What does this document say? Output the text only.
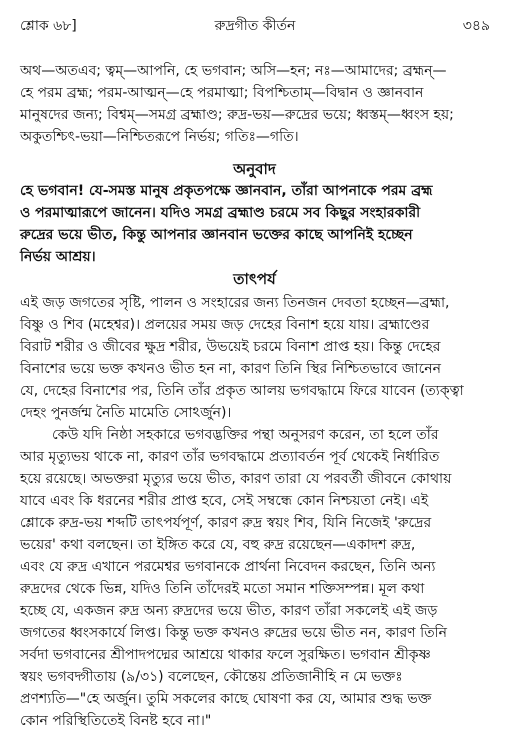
শ্লোক ৬৮]	রুদ্রগীত কীর্তন	৩৪৯

অথ—অতএব; ত্বম্—আপনি, হে ভগবান; অসি—হন; নঃ—আমাদের; ব্রহ্মন্—

হে পরম ব্রহ্ম; পরম-আত্মন্—হে পরমাত্মা; বিপশ্চিতাম্—বিদ্বান ও জ্ঞানবান

মানুষদের জন্য; বিশ্বম্—সমগ্র ব্রহ্মাণ্ড; রুদ্র-ভয়—রুদ্রের ভয়ে; ধ্বস্তম্—ধ্বংস হয়;

অকুতশ্চিৎ-ভয়া—নিশ্চিতরূপে নির্ভয়; গতিঃ—গতি।

অনুবাদ

হে ভগবান! যে-সমস্ত মানুষ প্রকৃতপক্ষে জ্ঞানবান, তাঁরা আপনাকে পরম ব্রহ্ম

ও পরমাত্মারূপে জানেন। যদিও সমগ্র ব্রহ্মাণ্ড চরমে সব কিছুর সংহারকারী

রুদ্রের ভয়ে ভীত, কিন্তু আপনার জ্ঞানবান ভক্তের কাছে আপনিই হচ্ছেন

নির্ভয় আশ্রয়।

তাৎপর্য

এই জড় জগতের সৃষ্টি, পালন ও সংহারের জন্য তিনজন দেবতা হচ্ছেন—ব্রহ্মা,

বিষ্ণু ও শিব (মহেশ্বর)। প্রলয়ের সময় জড় দেহের বিনাশ হয়ে যায়। ব্রহ্মাণ্ডের

বিরাট শরীর ও জীবের ক্ষুদ্র শরীর, উভয়েই চরমে বিনাশ প্রাপ্ত হয়। কিন্তু দেহের

বিনাশের ভয়ে ভক্ত কখনও ভীত হন না, কারণ তিনি স্থির নিশ্চিতভাবে জানেন

যে, দেহের বিনাশের পর, তিনি তাঁর প্রকৃত আলয় ভগবদ্ধামে ফিরে যাবেন (ত্যক্ত্বা

দেহং পুনর্জন্ম নৈতি মামেতি সোঽর্জুন)।

কেউ যদি নিষ্ঠা সহকারে ভগবদ্ভক্তির পন্থা অনুসরণ করেন, তা হলে তাঁর

আর মৃত্যুভয় থাকে না, কারণ তাঁর ভগবদ্ধামে প্রত্যাবর্তন পূর্ব থেকেই নির্ধারিত

হয়ে রয়েছে। অভক্তরা মৃত্যুর ভয়ে ভীত, কারণ তারা যে পরবর্তী জীবনে কোথায়

যাবে এবং কি ধরনের শরীর প্রাপ্ত হবে, সেই সম্বন্ধে কোন নিশ্চয়তা নেই। এই

শ্লোকে রুদ্র-ভয় শব্দটি তাৎপর্যপূর্ণ, কারণ রুদ্র স্বয়ং শিব, যিনি নিজেই 'রুদ্রের

ভয়ের' কথা বলছেন। তা ইঙ্গিত করে যে, বহু রুদ্র রয়েছেন—একাদশ রুদ্র,

এবং যে রুদ্র এখানে পরমেশ্বর ভগবানকে প্রার্থনা নিবেদন করছেন, তিনি অন্য

রুদ্রদের থেকে ভিন্ন, যদিও তিনি তাঁদেরই মতো সমান শক্তিসম্পন্ন। মূল কথা

হচ্ছে যে, একজন রুদ্র অন্য রুদ্রদের ভয়ে ভীত, কারণ তাঁরা সকলেই এই জড়

জগতের ধ্বংসকার্যে লিপ্ত। কিন্তু ভক্ত কখনও রুদ্রের ভয়ে ভীত নন, কারণ তিনি

সর্বদা ভগবানের শ্রীপাদপদ্মের আশ্রয়ে থাকার ফলে সুরক্ষিত। ভগবান শ্রীকৃষ্ণ

স্বয়ং ভগবদ্গীতায় (৯/৩১) বলেছেন, কৌন্তেয় প্রতিজানীহি ন মে ভক্তঃ

প্রণশ্যতি—"হে অর্জুন। তুমি সকলের কাছে ঘোষণা কর যে, আমার শুদ্ধ ভক্ত

কোন পরিস্থিতিতেই বিনষ্ট হবে না।"
